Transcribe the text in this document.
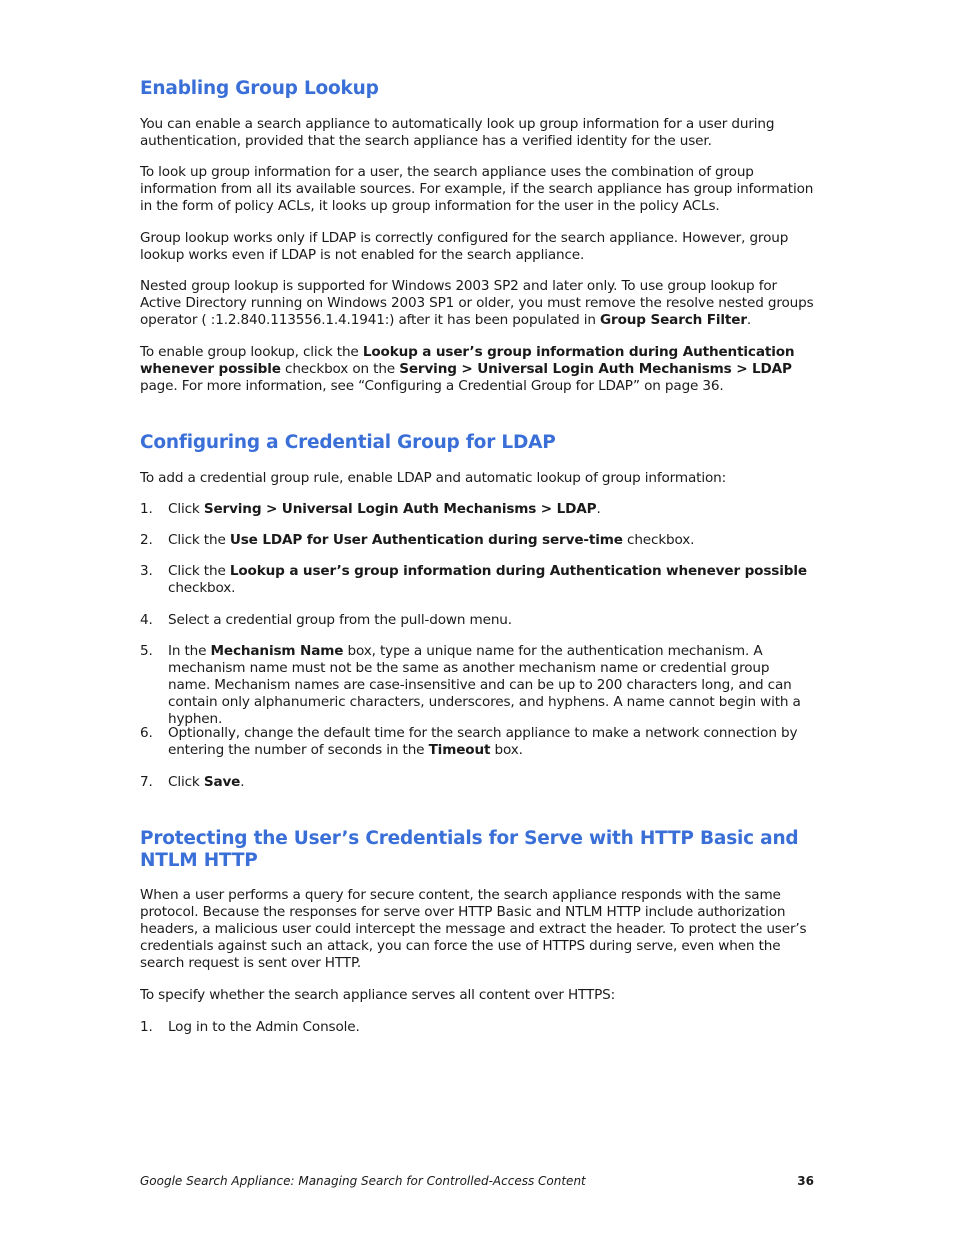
Enabling Group Lookup

You can enable a search appliance to automatically look up group information for a user during authentication, provided that the search appliance has a verified identity for the user.

To look up group information for a user, the search appliance uses the combination of group information from all its available sources. For example, if the search appliance has group information in the form of policy ACLs, it looks up group information for the user in the policy ACLs.

Group lookup works only if LDAP is correctly configured for the search appliance. However, group lookup works even if LDAP is not enabled for the search appliance.

Nested group lookup is supported for Windows 2003 SP2 and later only. To use group lookup for Active Directory running on Windows 2003 SP1 or older, you must remove the resolve nested groups operator ( :1.2.840.113556.1.4.1941:) after it has been populated in Group Search Filter.

To enable group lookup, click the Lookup a user’s group information during Authentication whenever possible checkbox on the Serving > Universal Login Auth Mechanisms > LDAP page. For more information, see “Configuring a Credential Group for LDAP” on page 36.

Configuring a Credential Group for LDAP

To add a credential group rule, enable LDAP and automatic lookup of group information:

1. Click Serving > Universal Login Auth Mechanisms > LDAP.
2. Click the Use LDAP for User Authentication during serve-time checkbox.
3. Click the Lookup a user’s group information during Authentication whenever possible checkbox.
4. Select a credential group from the pull-down menu.
5. In the Mechanism Name box, type a unique name for the authentication mechanism. A mechanism name must not be the same as another mechanism name or credential group name. Mechanism names are case-insensitive and can be up to 200 characters long, and can contain only alphanumeric characters, underscores, and hyphens. A name cannot begin with a hyphen.
6. Optionally, change the default time for the search appliance to make a network connection by entering the number of seconds in the Timeout box.
7. Click Save.
Protecting the User’s Credentials for Serve with HTTP Basic and
NTLM HTTP

When a user performs a query for secure content, the search appliance responds with the same protocol. Because the responses for serve over HTTP Basic and NTLM HTTP include authorization headers, a malicious user could intercept the message and extract the header. To protect the user’s credentials against such an attack, you can force the use of HTTPS during serve, even when the search request is sent over HTTP.

To specify whether the search appliance serves all content over HTTPS:

1. Log in to the Admin Console.
Google Search Appliance: Managing Search for Controlled-Access Content	36
